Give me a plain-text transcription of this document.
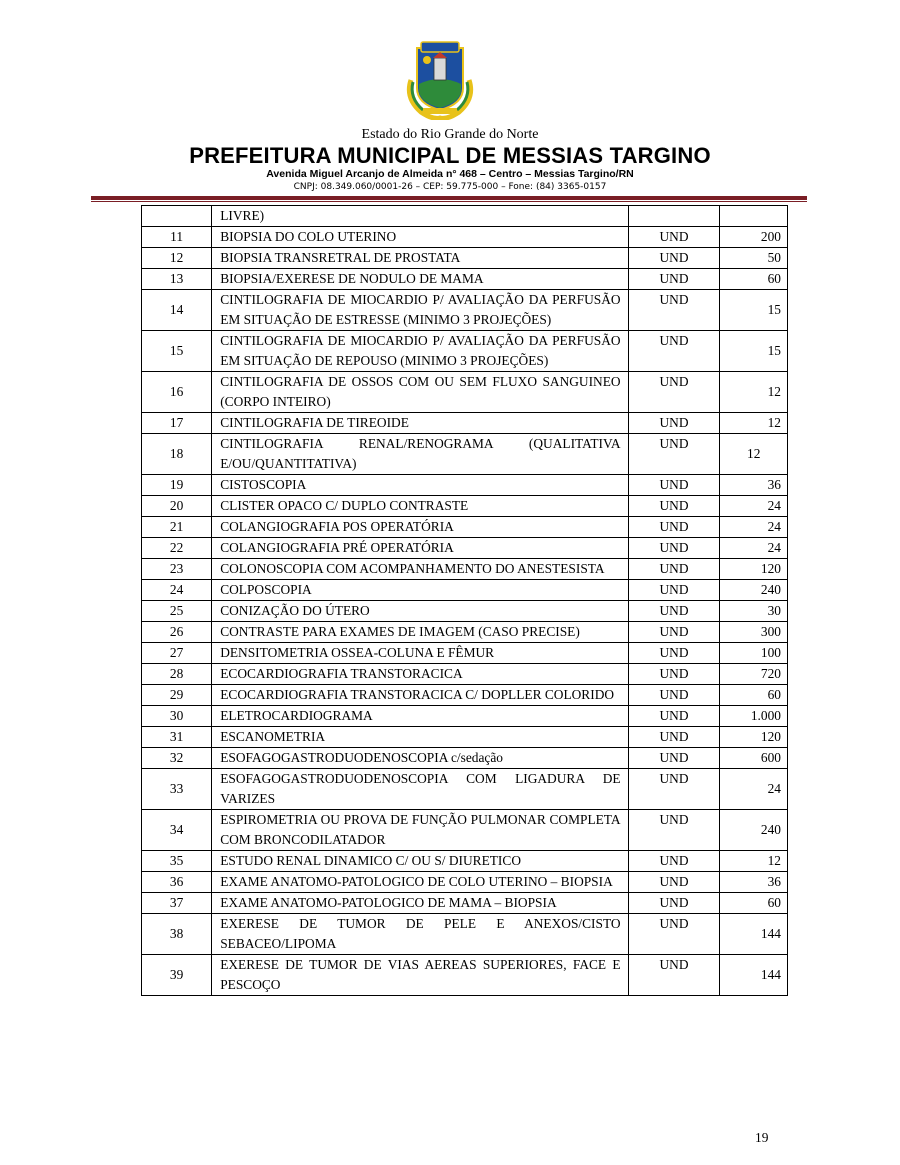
Estado do Rio Grande do Norte
PREFEITURA MUNICIPAL DE MESSIAS TARGINO
Avenida Miguel Arcanjo de Almeida n° 468 – Centro – Messias Targino/RN
CNPJ: 08.349.060/0001-26 – CEP: 59.775-000 – Fone: (84) 3365-0157
	LIVRE)		
11	BIOPSIA DO COLO UTERINO	UND	200
12	BIOPSIA TRANSRETRAL DE PROSTATA	UND	50
13	BIOPSIA/EXERESE DE NODULO DE MAMA	UND	60
14	CINTILOGRAFIA DE MIOCARDIO P/ AVALIAÇÃO DA PERFUSÃO EM SITUAÇÃO DE ESTRESSE (MINIMO 3 PROJEÇÕES)	UND	15
15	CINTILOGRAFIA DE MIOCARDIO P/ AVALIAÇÃO DA PERFUSÃO EM SITUAÇÃO DE REPOUSO (MINIMO 3 PROJEÇÕES)	UND	15
16	CINTILOGRAFIA DE OSSOS COM OU SEM FLUXO SANGUINEO (CORPO INTEIRO)	UND	12
17	CINTILOGRAFIA DE TIREOIDE	UND	12
18	CINTILOGRAFIA RENAL/RENOGRAMA (QUALITATIVA E/OU/QUANTITATIVA)	UND	12
19	CISTOSCOPIA	UND	36
20	CLISTER OPACO C/ DUPLO CONTRASTE	UND	24
21	COLANGIOGRAFIA POS OPERATÓRIA	UND	24
22	COLANGIOGRAFIA PRÉ OPERATÓRIA	UND	24
23	COLONOSCOPIA COM ACOMPANHAMENTO DO ANESTESISTA	UND	120
24	COLPOSCOPIA	UND	240
25	CONIZAÇÃO DO ÚTERO	UND	30
26	CONTRASTE PARA EXAMES DE IMAGEM (CASO PRECISE)	UND	300
27	DENSITOMETRIA OSSEA-COLUNA E FÊMUR	UND	100
28	ECOCARDIOGRAFIA TRANSTORACICA	UND	720
29	ECOCARDIOGRAFIA TRANSTORACICA C/ DOPLLER COLORIDO	UND	60
30	ELETROCARDIOGRAMA	UND	1.000
31	ESCANOMETRIA	UND	120
32	ESOFAGOGASTRODUODENOSCOPIA c/sedação	UND	600
33	ESOFAGOGASTRODUODENOSCOPIA COM LIGADURA DE VARIZES	UND	24
34	ESPIROMETRIA OU PROVA DE FUNÇÃO PULMONAR COMPLETA COM BRONCODILATADOR	UND	240
35	ESTUDO RENAL DINAMICO C/ OU S/ DIURETICO	UND	12
36	EXAME ANATOMO-PATOLOGICO DE COLO UTERINO – BIOPSIA	UND	36
37	EXAME ANATOMO-PATOLOGICO DE MAMA – BIOPSIA	UND	60
38	EXERESE DE TUMOR DE PELE E ANEXOS/CISTO SEBACEO/LIPOMA	UND	144
39	EXERESE DE TUMOR DE VIAS AEREAS SUPERIORES, FACE E PESCOÇO	UND	144
19
